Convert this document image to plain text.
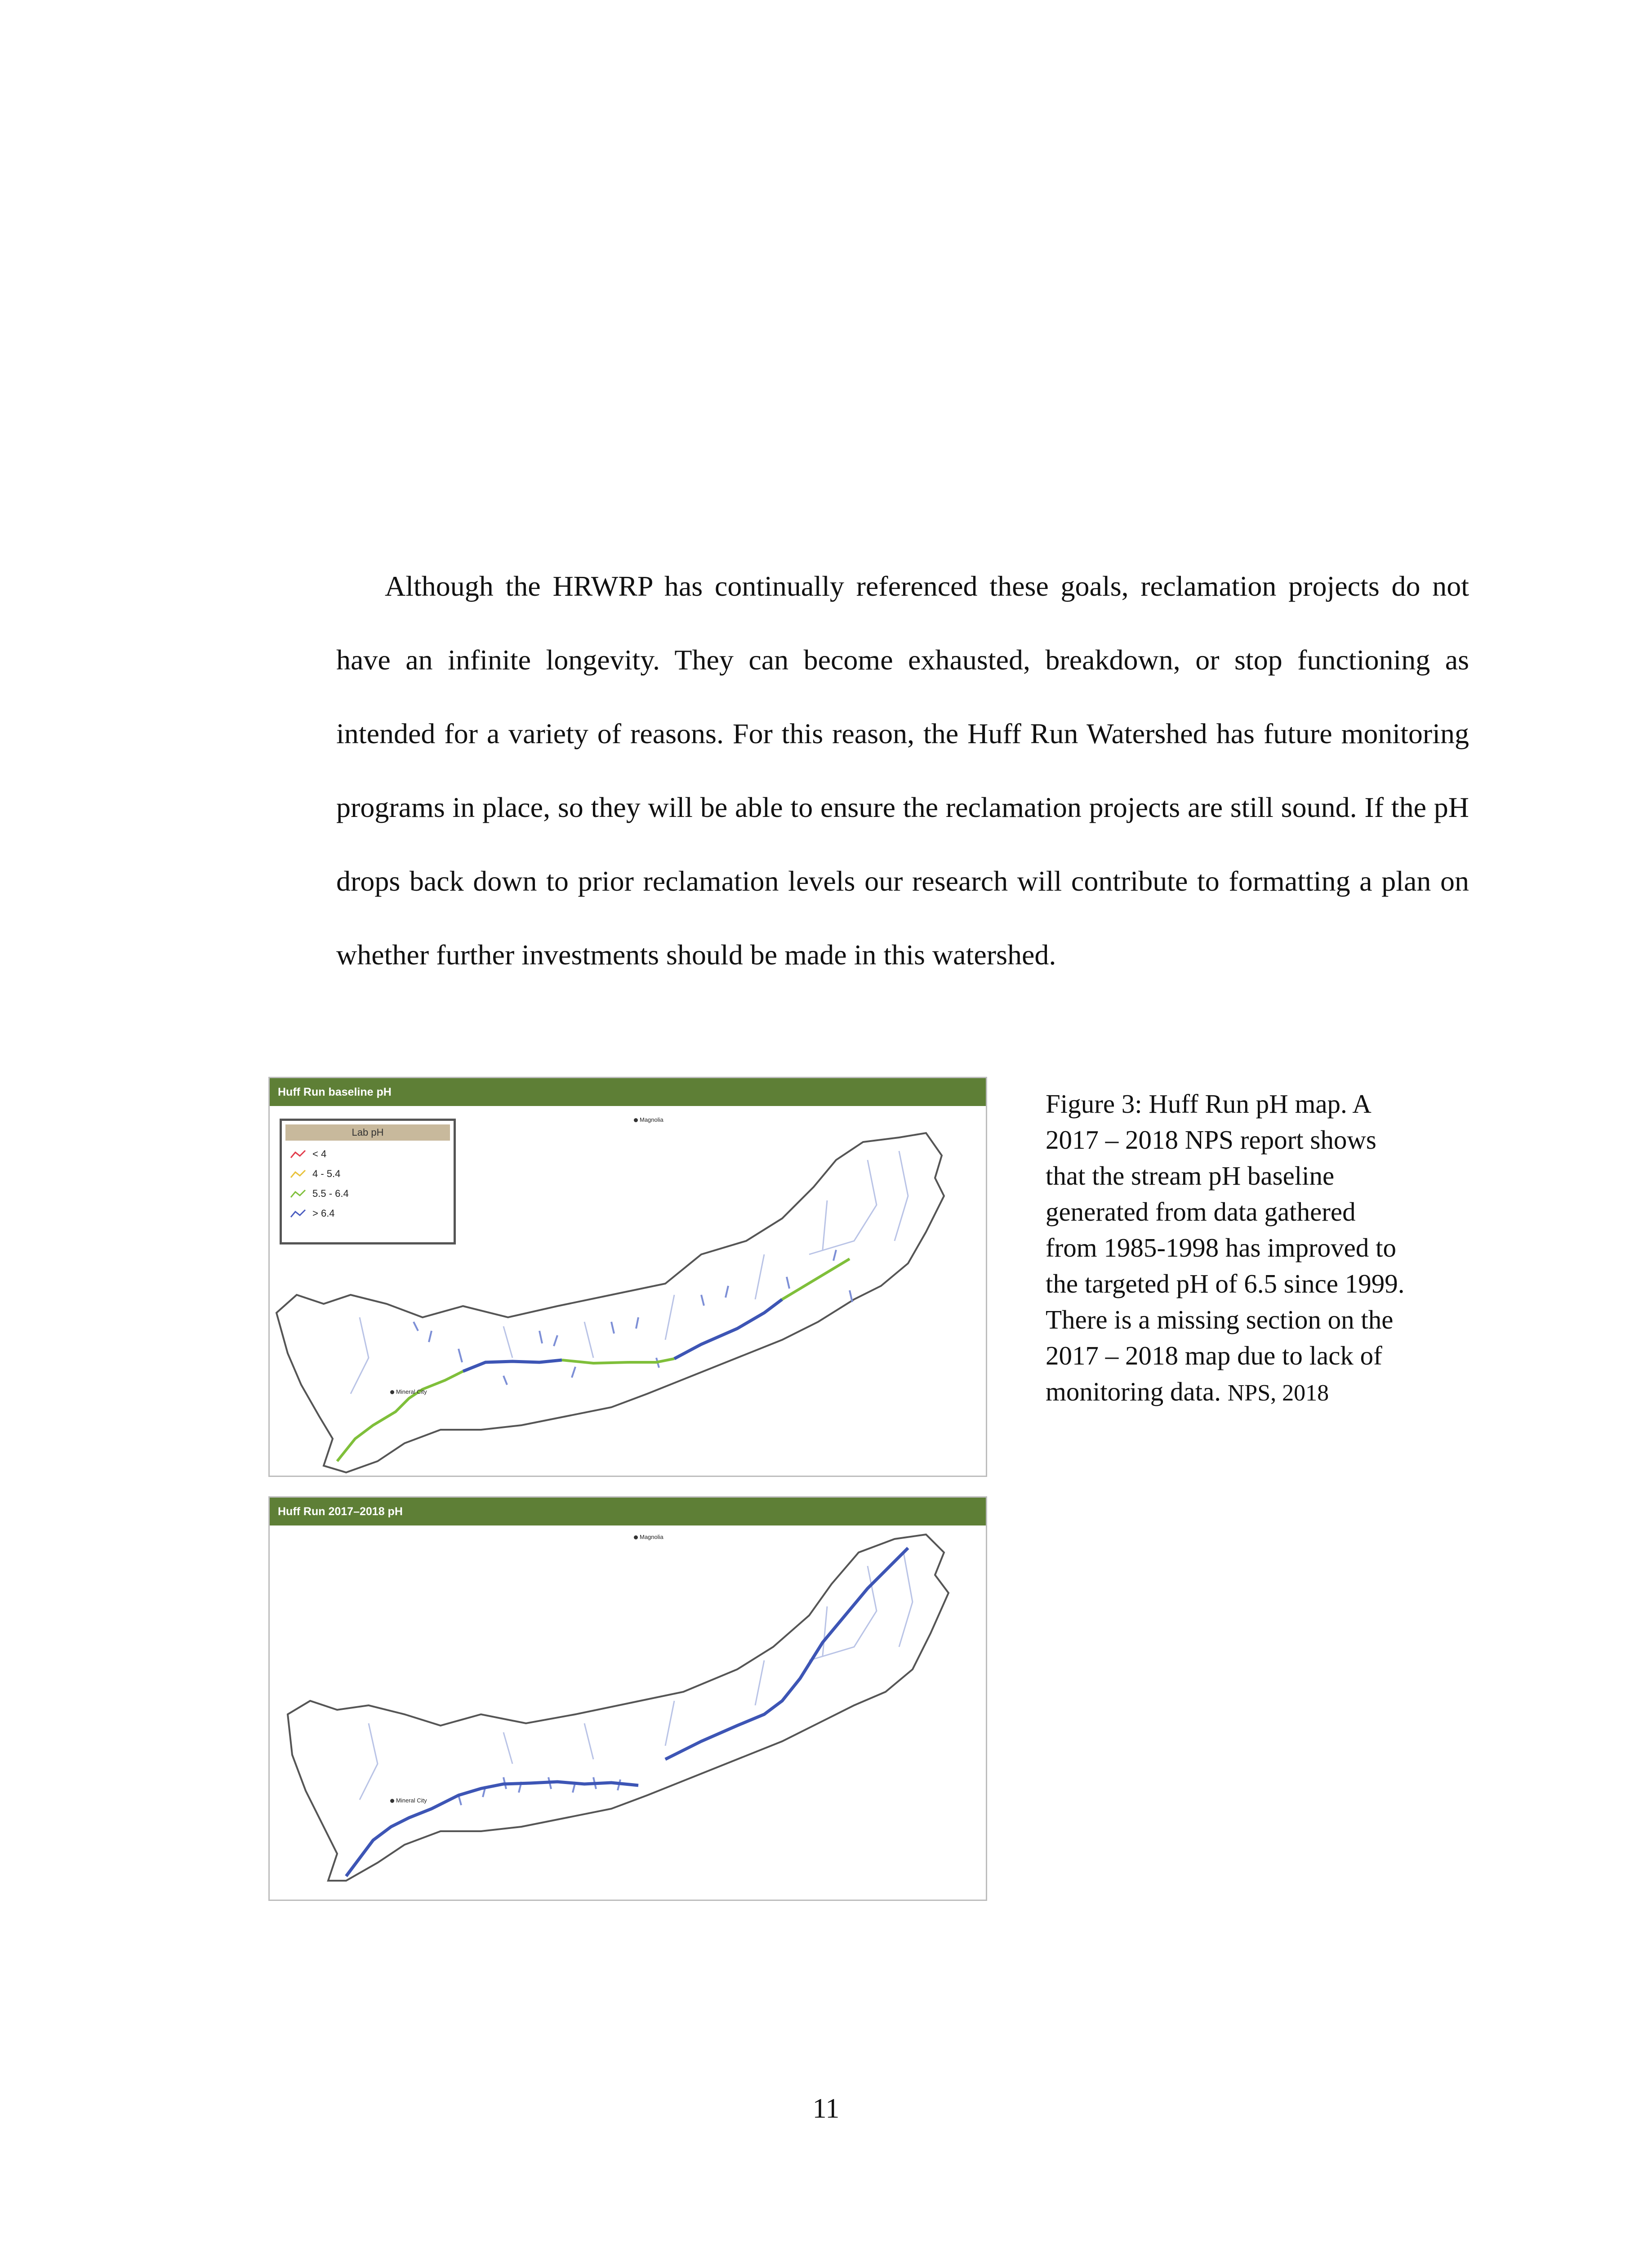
Although the HRWRP has continually referenced these goals, reclamation projects do not have an infinite longevity. They can become exhausted, breakdown, or stop functioning as intended for a variety of reasons. For this reason, the Huff Run Watershed has future monitoring programs in place, so they will be able to ensure the reclamation projects are still sound. If the pH drops back down to prior reclamation levels our research will contribute to formatting a plan on whether further investments should be made in this watershed.

Huff Run baseline pH
Lab pH
< 4
4 - 5.4
5.5 - 6.4
> 6.4
Magnolia
Mineral City
Huff Run 2017–2018 pH
Magnolia
Mineral City
Figure 3: Huff Run pH map. A 2017 – 2018 NPS report shows that the stream pH baseline generated from data gathered from 1985-1998 has improved to the targeted pH of 6.5 since 1999. There is a missing section on the 2017 – 2018 map due to lack of monitoring data. NPS, 2018
11
